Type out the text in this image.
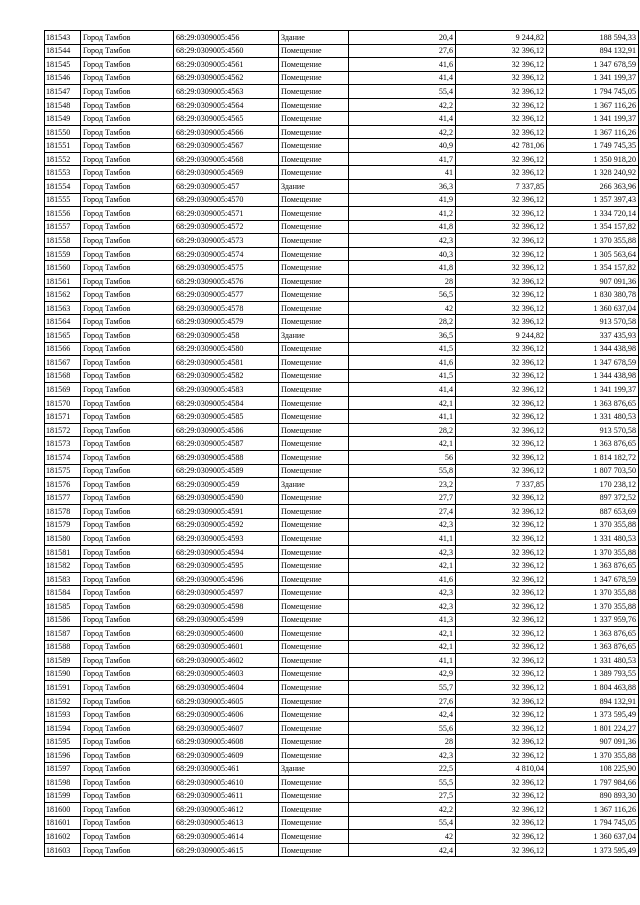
181543	Город Тамбов	68:29:0309005:456	Здание	20,4	9 244,82	188 594,33
181544	Город Тамбов	68:29:0309005:4560	Помещение	27,6	32 396,12	894 132,91
181545	Город Тамбов	68:29:0309005:4561	Помещение	41,6	32 396,12	1 347 678,59
181546	Город Тамбов	68:29:0309005:4562	Помещение	41,4	32 396,12	1 341 199,37
181547	Город Тамбов	68:29:0309005:4563	Помещение	55,4	32 396,12	1 794 745,05
181548	Город Тамбов	68:29:0309005:4564	Помещение	42,2	32 396,12	1 367 116,26
181549	Город Тамбов	68:29:0309005:4565	Помещение	41,4	32 396,12	1 341 199,37
181550	Город Тамбов	68:29:0309005:4566	Помещение	42,2	32 396,12	1 367 116,26
181551	Город Тамбов	68:29:0309005:4567	Помещение	40,9	42 781,06	1 749 745,35
181552	Город Тамбов	68:29:0309005:4568	Помещение	41,7	32 396,12	1 350 918,20
181553	Город Тамбов	68:29:0309005:4569	Помещение	41	32 396,12	1 328 240,92
181554	Город Тамбов	68:29:0309005:457	Здание	36,3	7 337,85	266 363,96
181555	Город Тамбов	68:29:0309005:4570	Помещение	41,9	32 396,12	1 357 397,43
181556	Город Тамбов	68:29:0309005:4571	Помещение	41,2	32 396,12	1 334 720,14
181557	Город Тамбов	68:29:0309005:4572	Помещение	41,8	32 396,12	1 354 157,82
181558	Город Тамбов	68:29:0309005:4573	Помещение	42,3	32 396,12	1 370 355,88
181559	Город Тамбов	68:29:0309005:4574	Помещение	40,3	32 396,12	1 305 563,64
181560	Город Тамбов	68:29:0309005:4575	Помещение	41,8	32 396,12	1 354 157,82
181561	Город Тамбов	68:29:0309005:4576	Помещение	28	32 396,12	907 091,36
181562	Город Тамбов	68:29:0309005:4577	Помещение	56,5	32 396,12	1 830 380,78
181563	Город Тамбов	68:29:0309005:4578	Помещение	42	32 396,12	1 360 637,04
181564	Город Тамбов	68:29:0309005:4579	Помещение	28,2	32 396,12	913 570,58
181565	Город Тамбов	68:29:0309005:458	Здание	36,5	9 244,82	337 435,93
181566	Город Тамбов	68:29:0309005:4580	Помещение	41,5	32 396,12	1 344 438,98
181567	Город Тамбов	68:29:0309005:4581	Помещение	41,6	32 396,12	1 347 678,59
181568	Город Тамбов	68:29:0309005:4582	Помещение	41,5	32 396,12	1 344 438,98
181569	Город Тамбов	68:29:0309005:4583	Помещение	41,4	32 396,12	1 341 199,37
181570	Город Тамбов	68:29:0309005:4584	Помещение	42,1	32 396,12	1 363 876,65
181571	Город Тамбов	68:29:0309005:4585	Помещение	41,1	32 396,12	1 331 480,53
181572	Город Тамбов	68:29:0309005:4586	Помещение	28,2	32 396,12	913 570,58
181573	Город Тамбов	68:29:0309005:4587	Помещение	42,1	32 396,12	1 363 876,65
181574	Город Тамбов	68:29:0309005:4588	Помещение	56	32 396,12	1 814 182,72
181575	Город Тамбов	68:29:0309005:4589	Помещение	55,8	32 396,12	1 807 703,50
181576	Город Тамбов	68:29:0309005:459	Здание	23,2	7 337,85	170 238,12
181577	Город Тамбов	68:29:0309005:4590	Помещение	27,7	32 396,12	897 372,52
181578	Город Тамбов	68:29:0309005:4591	Помещение	27,4	32 396,12	887 653,69
181579	Город Тамбов	68:29:0309005:4592	Помещение	42,3	32 396,12	1 370 355,88
181580	Город Тамбов	68:29:0309005:4593	Помещение	41,1	32 396,12	1 331 480,53
181581	Город Тамбов	68:29:0309005:4594	Помещение	42,3	32 396,12	1 370 355,88
181582	Город Тамбов	68:29:0309005:4595	Помещение	42,1	32 396,12	1 363 876,65
181583	Город Тамбов	68:29:0309005:4596	Помещение	41,6	32 396,12	1 347 678,59
181584	Город Тамбов	68:29:0309005:4597	Помещение	42,3	32 396,12	1 370 355,88
181585	Город Тамбов	68:29:0309005:4598	Помещение	42,3	32 396,12	1 370 355,88
181586	Город Тамбов	68:29:0309005:4599	Помещение	41,3	32 396,12	1 337 959,76
181587	Город Тамбов	68:29:0309005:4600	Помещение	42,1	32 396,12	1 363 876,65
181588	Город Тамбов	68:29:0309005:4601	Помещение	42,1	32 396,12	1 363 876,65
181589	Город Тамбов	68:29:0309005:4602	Помещение	41,1	32 396,12	1 331 480,53
181590	Город Тамбов	68:29:0309005:4603	Помещение	42,9	32 396,12	1 389 793,55
181591	Город Тамбов	68:29:0309005:4604	Помещение	55,7	32 396,12	1 804 463,88
181592	Город Тамбов	68:29:0309005:4605	Помещение	27,6	32 396,12	894 132,91
181593	Город Тамбов	68:29:0309005:4606	Помещение	42,4	32 396,12	1 373 595,49
181594	Город Тамбов	68:29:0309005:4607	Помещение	55,6	32 396,12	1 801 224,27
181595	Город Тамбов	68:29:0309005:4608	Помещение	28	32 396,12	907 091,36
181596	Город Тамбов	68:29:0309005:4609	Помещение	42,3	32 396,12	1 370 355,88
181597	Город Тамбов	68:29:0309005:461	Здание	22,5	4 810,04	108 225,90
181598	Город Тамбов	68:29:0309005:4610	Помещение	55,5	32 396,12	1 797 984,66
181599	Город Тамбов	68:29:0309005:4611	Помещение	27,5	32 396,12	890 893,30
181600	Город Тамбов	68:29:0309005:4612	Помещение	42,2	32 396,12	1 367 116,26
181601	Город Тамбов	68:29:0309005:4613	Помещение	55,4	32 396,12	1 794 745,05
181602	Город Тамбов	68:29:0309005:4614	Помещение	42	32 396,12	1 360 637,04
181603	Город Тамбов	68:29:0309005:4615	Помещение	42,4	32 396,12	1 373 595,49
